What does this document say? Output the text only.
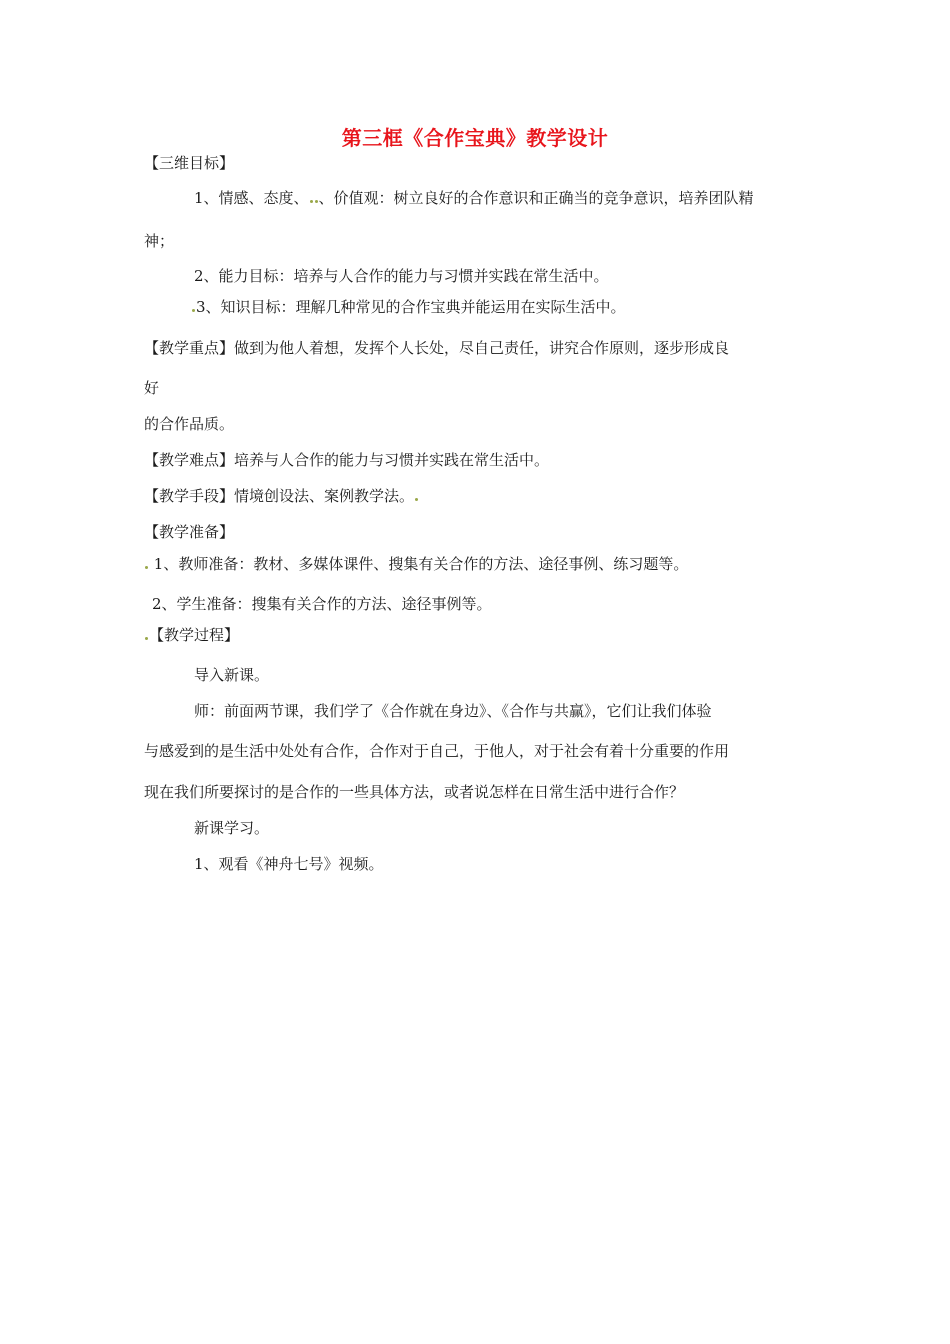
第三框《合作宝典》教学设计
【三维目标】
1、情感、态度、 、价值观：树立良好的合作意识和正确当的竞争意识，培养团队精
神；
2、能力目标：培养与人合作的能力与习惯并实践在常生活中。
3、知识目标：理解几种常见的合作宝典并能运用在实际生活中。
【教学重点】做到为他人着想，发挥个人长处，尽自己责任，讲究合作原则，逐步形成良
好
的合作品质。
【教学难点】培养与人合作的能力与习惯并实践在常生活中。
【教学手段】情境创设法、案例教学法。
【教学准备】
1、教师准备：教材、多媒体课件、搜集有关合作的方法、途径事例、练习题等。
2、学生准备：搜集有关合作的方法、途径事例等。
【教学过程】
导入新课。
师：前面两节课，我们学了《合作就在身边》、《合作与共赢》，它们让我们体验
与感爱到的是生活中处处有合作，合作对于自己，于他人，对于社会有着十分重要的作用
现在我们所要探讨的是合作的一些具体方法，或者说怎样在日常生活中进行合作？
新课学习。
1、观看《神舟七号》视频。
